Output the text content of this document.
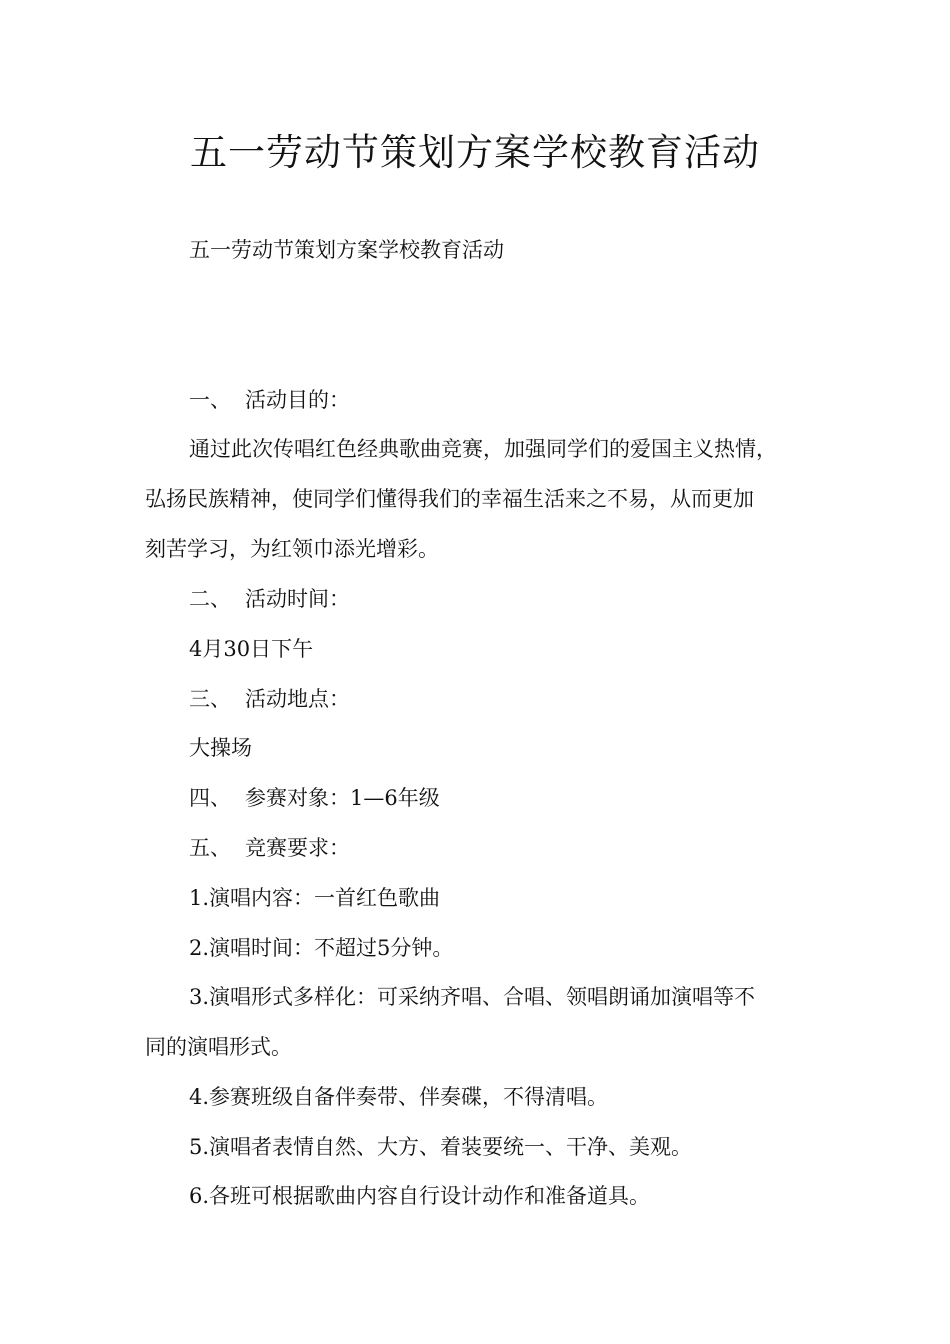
五一劳动节策划方案学校教育活动

五一劳动节策划方案学校教育活动

一、 活动目的：

通过此次传唱红色经典歌曲竞赛，加强同学们的爱国主义热情，

弘扬民族精神，使同学们懂得我们的幸福生活来之不易，从而更加

刻苦学习，为红领巾添光增彩。

二、 活动时间：

4月30日下午

三、 活动地点：

大操场

四、 参赛对象：1—6年级

五、 竞赛要求：

1.演唱内容：一首红色歌曲

2.演唱时间：不超过5分钟。

3.演唱形式多样化：可采纳齐唱、合唱、领唱朗诵加演唱等不

同的演唱形式。

4.参赛班级自备伴奏带、伴奏碟，不得清唱。

5.演唱者表情自然、大方、着装要统一、干净、美观。

6.各班可根据歌曲内容自行设计动作和准备道具。
